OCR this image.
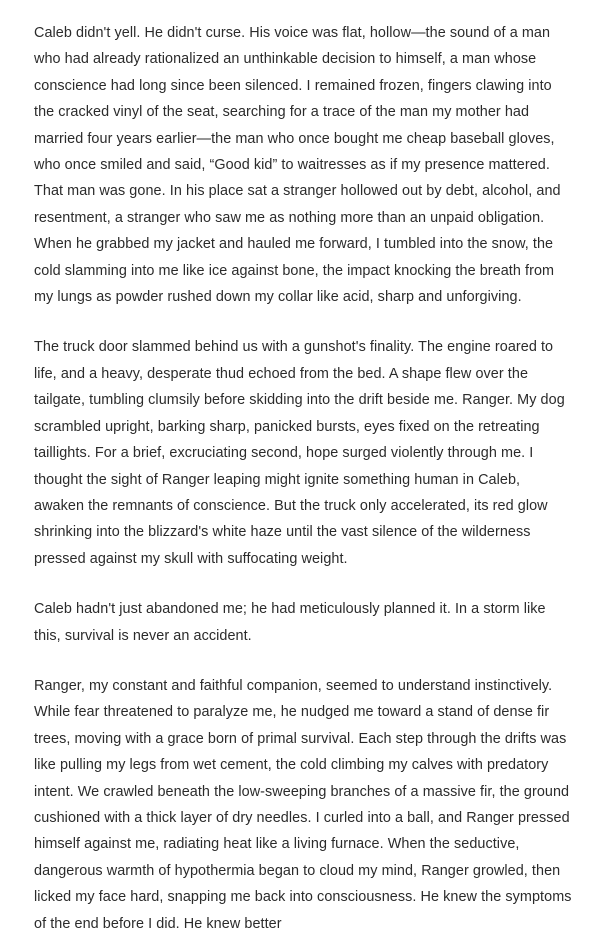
Caleb didn't yell. He didn't curse. His voice was flat, hollow—the sound of a man who had already rationalized an unthinkable decision to himself, a man whose conscience had long since been silenced. I remained frozen, fingers clawing into the cracked vinyl of the seat, searching for a trace of the man my mother had married four years earlier—the man who once bought me cheap baseball gloves, who once smiled and said, “Good kid” to waitresses as if my presence mattered. That man was gone. In his place sat a stranger hollowed out by debt, alcohol, and resentment, a stranger who saw me as nothing more than an unpaid obligation. When he grabbed my jacket and hauled me forward, I tumbled into the snow, the cold slamming into me like ice against bone, the impact knocking the breath from my lungs as powder rushed down my collar like acid, sharp and unforgiving.

The truck door slammed behind us with a gunshot's finality. The engine roared to life, and a heavy, desperate thud echoed from the bed. A shape flew over the tailgate, tumbling clumsily before skidding into the drift beside me. Ranger. My dog scrambled upright, barking sharp, panicked bursts, eyes fixed on the retreating taillights. For a brief, excruciating second, hope surged violently through me. I thought the sight of Ranger leaping might ignite something human in Caleb, awaken the remnants of conscience. But the truck only accelerated, its red glow shrinking into the blizzard's white haze until the vast silence of the wilderness pressed against my skull with suffocating weight.

Caleb hadn't just abandoned me; he had meticulously planned it. In a storm like this, survival is never an accident.

Ranger, my constant and faithful companion, seemed to understand instinctively. While fear threatened to paralyze me, he nudged me toward a stand of dense fir trees, moving with a grace born of primal survival. Each step through the drifts was like pulling my legs from wet cement, the cold climbing my calves with predatory intent. We crawled beneath the low-sweeping branches of a massive fir, the ground cushioned with a thick layer of dry needles. I curled into a ball, and Ranger pressed himself against me, radiating heat like a living furnace. When the seductive, dangerous warmth of hypothermia began to cloud my mind, Ranger growled, then licked my face hard, snapping me back into consciousness. He knew the symptoms of the end before I did. He knew better
